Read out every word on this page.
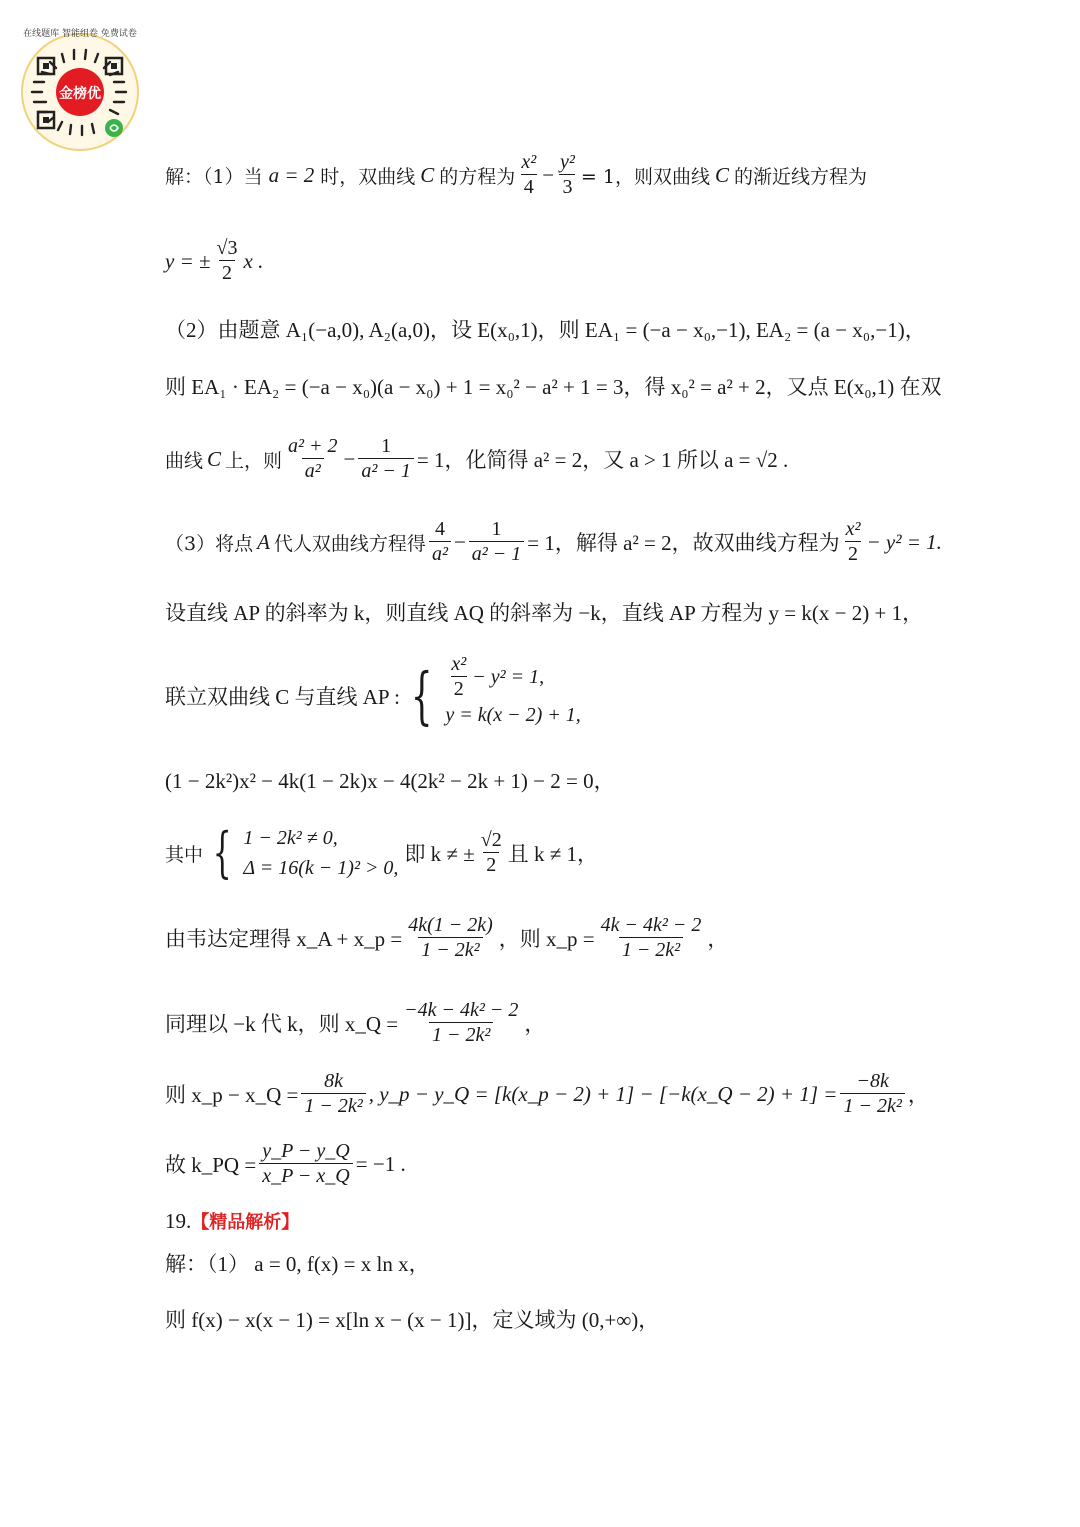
金榜优
在线题库 智能组卷 免费试卷
解：（1）当 a = 2 时，双曲线 C 的方程为 $\frac{\text{x²}}{4} - \frac{\text{y²}}{3} = 1$，则双曲线 C 的渐近线方程为
y = ± $\frac{√3}{2}$ x .
（2）由题意 A₁(−a,0), A₂(a,0)，设 E(x₀,1)，则 EA₁ = (−a − x₀,−1), EA₂ = (a − x₀,−1)，
则 EA₁ · EA₂ = (−a − x₀)(a − x₀) + 1 = x₀² − a² + 1 = 3，得 x₀² = a² + 2，又点 E(x₀,1) 在双
曲线 C 上，则 $\frac{\text{a² + 2}}{\text{a²}} - \frac{1}{\text{a² − 1}} = 1$，化简得 a² = 2，又 a > 1 所以 a = √2 .
（3）将点 A 代人双曲线方程得 $\frac{4}{\text{a²}} - \frac{1}{\text{a² − 1}} = 1$，解得 a² = 2，故双曲线方程为 $\frac{\text{x²}}{2} - y^2 = 1$.
设直线 AP 的斜率为 k，则直线 AQ 的斜率为 −k，直线 AP 方程为 y = k(x − 2) + 1，
联立双曲线 C 与直线 AP : { $\frac{\text{x²}}{2} - y^2 = 1$,
y = k(x − 2) + 1,
(1 − 2k²)x² − 4k(1 − 2k)x − 4(2k² − 2k + 1) − 2 = 0，
其中 { 1 − 2k² ≠ 0,
Δ = 16(k − 1)² > 0,
即 k ≠ ± $\frac{√2}{2}$ 且 k ≠ 1，
由韦达定理得 x_A + x_p = $\frac{4k(1 - 2k)}{\text{1 − 2k²}}$ ，则 x_p = $\frac{\text{4k − 4k² − 2}}{\text{1 − 2k²}}$ ，
同理以 −k 代 k，则 x_Q = $\frac{\text{−4k − 4k² − 2}}{\text{1 − 2k²}}$ ，
则 x_p − x_Q = $\frac{8k}{\text{1 − 2k²}}$ , y_p − y_Q = [k(x_p − 2) + 1] − [−k(x_Q − $2) + 1] = \frac{-8k}{\text{1 − 2k²}}$ ，
故 k_PQ = $\frac{y\_P - y\_Q}{x\_P - x\_Q} = -1$ .
19. 【精品解析】
解：（1） a = 0, f(x) = x ln x，
则 f(x) − x(x − 1) = x[ln x − (x − 1)]，定义域为 (0,+∞)，
